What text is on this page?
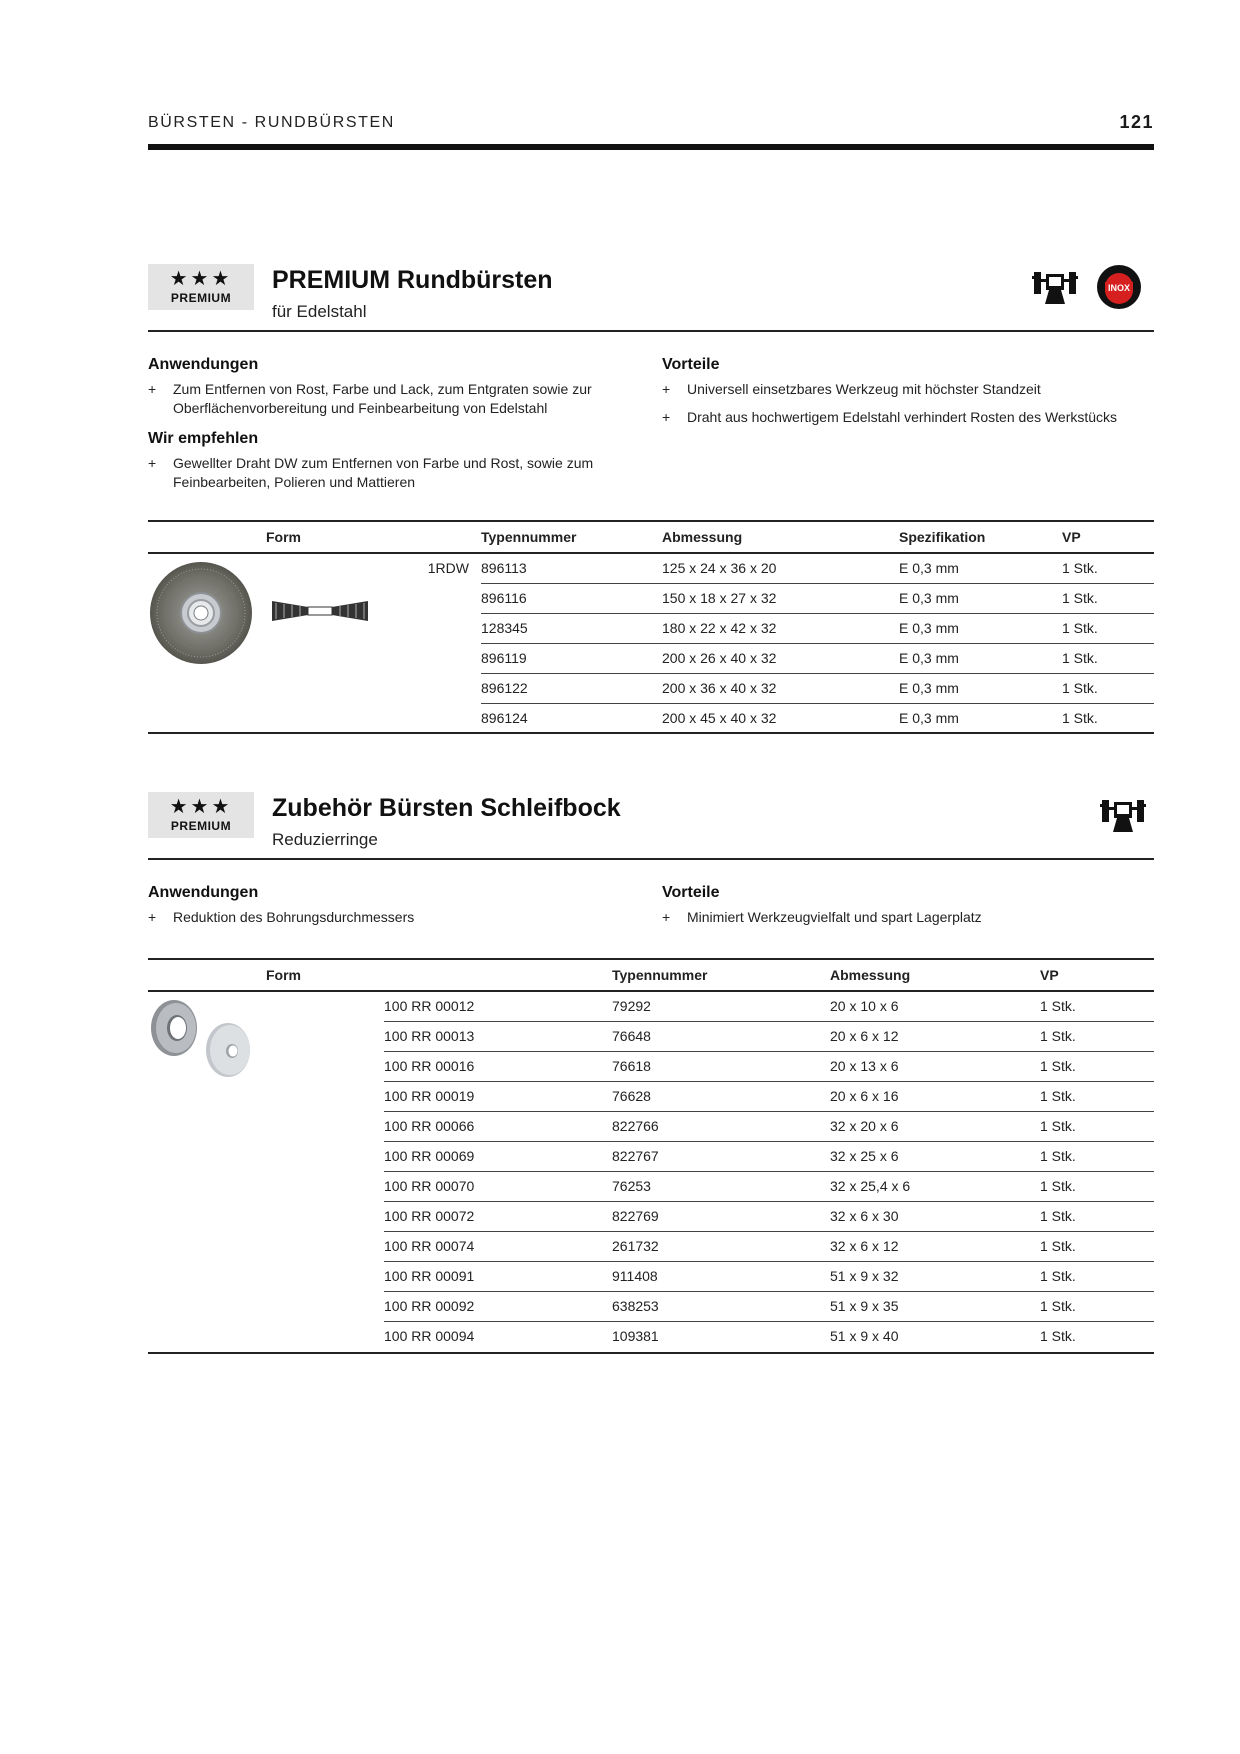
BÜRSTEN - RUNDBÜRSTEN	121
★★★
PREMIUM
PREMIUM Rundbürsten
für Edelstahl
INOX
Anwendungen
+ Zum Entfernen von Rost, Farbe und Lack, zum Entgraten sowie zur Oberflächenvorbereitung und Feinbearbeitung von Edelstahl
Wir empfehlen
+ Gewellter Draht DW zum Entfernen von Farbe und Rost, sowie zum Feinbearbeiten, Polieren und Mattieren
Vorteile
+ Universell einsetzbares Werkzeug mit höchster Standzeit
+ Draht aus hochwertigem Edelstahl verhindert Rosten des Werkstücks
	Form	Typennummer	Abmessung	Spezifikation	VP

1RDW	896113	125 x 24 x 36 x 20	E 0,3 mm	1 Stk.
		896116	150 x 18 x 27 x 32	E 0,3 mm	1 Stk.
		128345	180 x 22 x 42 x 32	E 0,3 mm	1 Stk.
		896119	200 x 26 x 40 x 32	E 0,3 mm	1 Stk.
		896122	200 x 36 x 40 x 32	E 0,3 mm	1 Stk.
		896124	200 x 45 x 40 x 32	E 0,3 mm	1 Stk.
★★★
PREMIUM
Zubehör Bürsten Schleifbock
Reduzierringe
Anwendungen
+ Reduktion des Bohrungsdurchmessers
Vorteile
+ Minimiert Werkzeugvielfalt und spart Lagerplatz
	Form		Typennummer	Abmessung	VP
		100 RR 00012	79292	20 x 10 x 6	1 Stk.
		100 RR 00013	76648	20 x 6 x 12	1 Stk.
		100 RR 00016	76618	20 x 13 x 6	1 Stk.
		100 RR 00019	76628	20 x 6 x 16	1 Stk.
		100 RR 00066	822766	32 x 20 x 6	1 Stk.
		100 RR 00069	822767	32 x 25 x 6	1 Stk.
		100 RR 00070	76253	32 x 25,4 x 6	1 Stk.
		100 RR 00072	822769	32 x 6 x 30	1 Stk.
		100 RR 00074	261732	32 x 6 x 12	1 Stk.
		100 RR 00091	911408	51 x 9 x 32	1 Stk.
		100 RR 00092	638253	51 x 9 x 35	1 Stk.
		100 RR 00094	109381	51 x 9 x 40	1 Stk.
